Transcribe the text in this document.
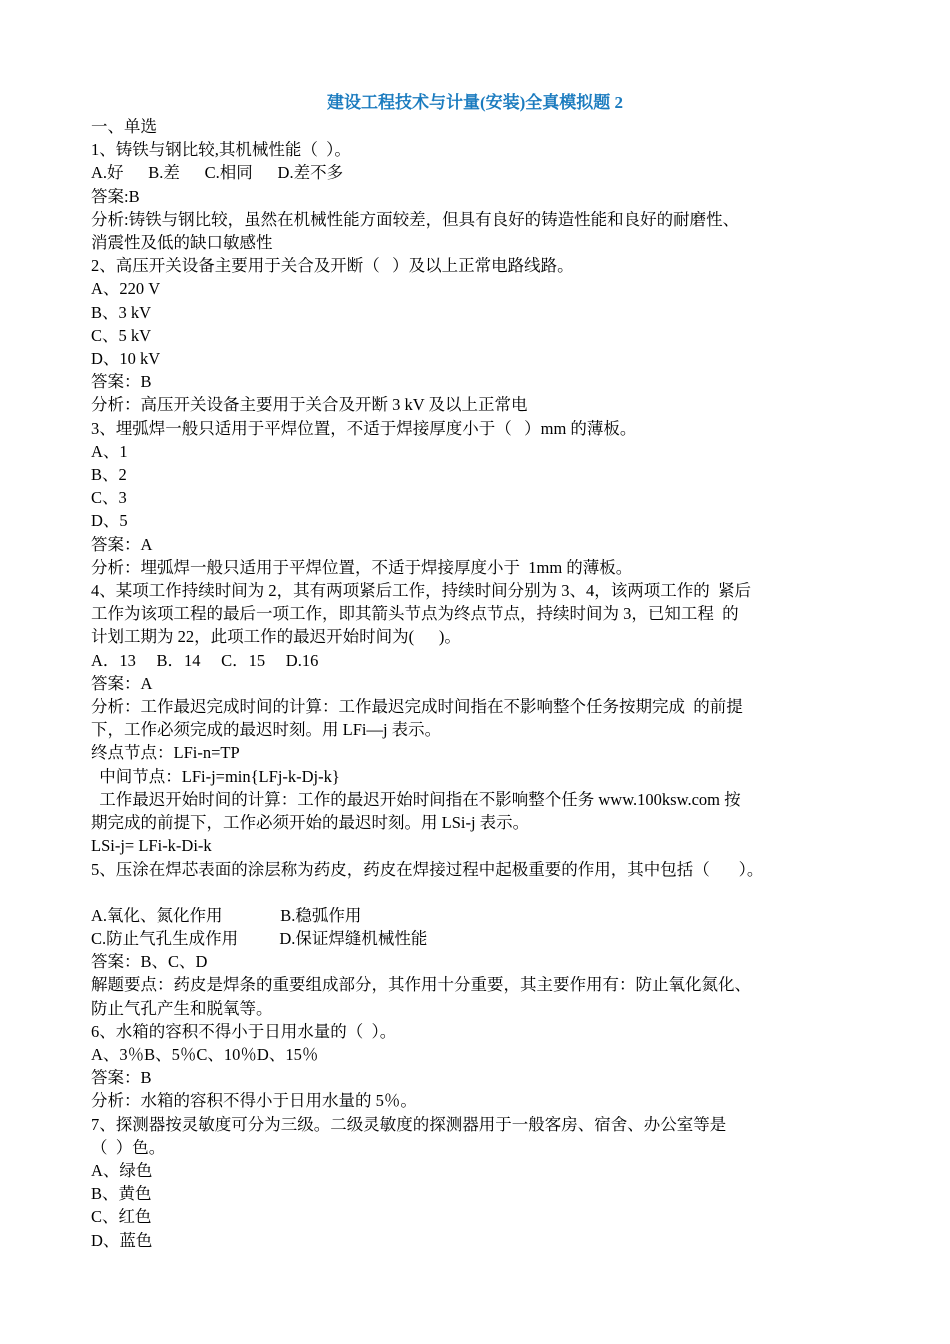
建设工程技术与计量(安装)全真模拟题 2
一、单选
1、铸铁与钢比较,其机械性能（  ）。
A.好      B.差      C.相同      D.差不多
答案:B
分析:铸铁与钢比较，虽然在机械性能方面较差，但具有良好的铸造性能和良好的耐磨性、
消震性及低的缺口敏感性
2、高压开关设备主要用于关合及开断（   ）及以上正常电路线路。
A、220 V
B、3 kV
C、5 kV
D、10 kV
答案：B
分析：高压开关设备主要用于关合及开断 3 kV 及以上正常电
3、埋弧焊一般只适用于平焊位置，不适于焊接厚度小于（   ）mm 的薄板。
A、1
B、2
C、3
D、5
答案：A
分析：埋弧焊一般只适用于平焊位置，不适于焊接厚度小于  1mm 的薄板。
4、某项工作持续时间为 2，其有两项紧后工作，持续时间分别为 3、4，该两项工作的  紧后
工作为该项工程的最后一项工作，即其箭头节点为终点节点，持续时间为 3，已知工程  的
计划工期为 22，此项工作的最迟开始时间为(      )。
A．13     B．14     C．15     D.16
答案：A
分析：工作最迟完成时间的计算：工作最迟完成时间指在不影响整个任务按期完成  的前提
下，工作必须完成的最迟时刻。用 LFi—j 表示。
终点节点：LFi-n=TP
中间节点：LFi-j=min{LFj-k-Dj-k}
工作最迟开始时间的计算：工作的最迟开始时间指在不影响整个任务 www.100ksw.com 按
期完成的前提下，工作必须开始的最迟时刻。用 LSi-j 表示。
LSi-j= LFi-k-Di-k
5、压涂在焊芯表面的涂层称为药皮，药皮在焊接过程中起极重要的作用，其中包括（       ）。
A.氧化、氮化作用              B.稳弧作用
C.防止气孔生成作用          D.保证焊缝机械性能
答案：B、C、D
解题要点：药皮是焊条的重要组成部分，其作用十分重要，其主要作用有：防止氧化氮化、
防止气孔产生和脱氧等。
6、水箱的容积不得小于日用水量的（  ）。
A、3％B、5％C、10％D、15％
答案：B
分析：水箱的容积不得小于日用水量的 5％。
7、探测器按灵敏度可分为三级。二级灵敏度的探测器用于一般客房、宿舍、办公室等是
（  ）色。
A、绿色
B、黄色
C、红色
D、蓝色
